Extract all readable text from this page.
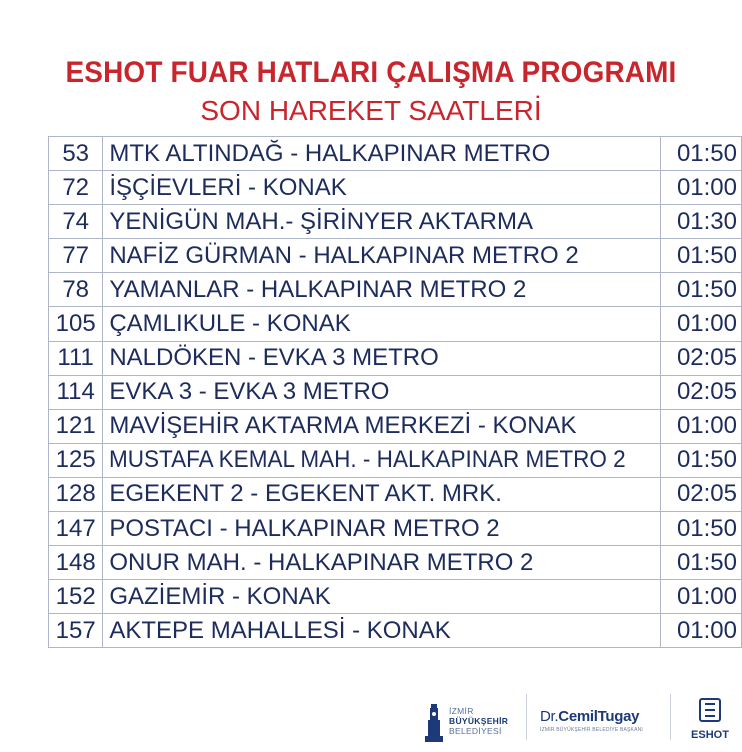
ESHOT FUAR HATLARI ÇALIŞMA PROGRAMI
SON HAREKET SAATLERİ
53	MTK ALTINDAĞ - HALKAPINAR METRO	01:50
72	İŞÇİEVLERİ - KONAK	01:00
74	YENİGÜN MAH.- ŞİRİNYER AKTARMA	01:30
77	NAFİZ GÜRMAN - HALKAPINAR METRO 2	01:50
78	YAMANLAR - HALKAPINAR METRO 2	01:50
105	ÇAMLIKULE - KONAK	01:00
111	NALDÖKEN - EVKA 3 METRO	02:05
114	EVKA 3 - EVKA 3 METRO	02:05
121	MAVİŞEHİR AKTARMA MERKEZİ - KONAK	01:00
125	MUSTAFA KEMAL MAH. - HALKAPINAR METRO 2	01:50
128	EGEKENT 2 - EGEKENT AKT. MRK.	02:05
147	POSTACI - HALKAPINAR METRO 2	01:50
148	ONUR MAH. - HALKAPINAR METRO 2	01:50
152	GAZİEMİR - KONAK	01:00
157	AKTEPE MAHALLESİ - KONAK	01:00
İZMİR
BÜYÜKŞEHİR
BELEDİYESİ
Dr.CemilTugay
İZMİR BÜYÜKŞEHİR BELEDİYE BAŞKANI	ESHOT
